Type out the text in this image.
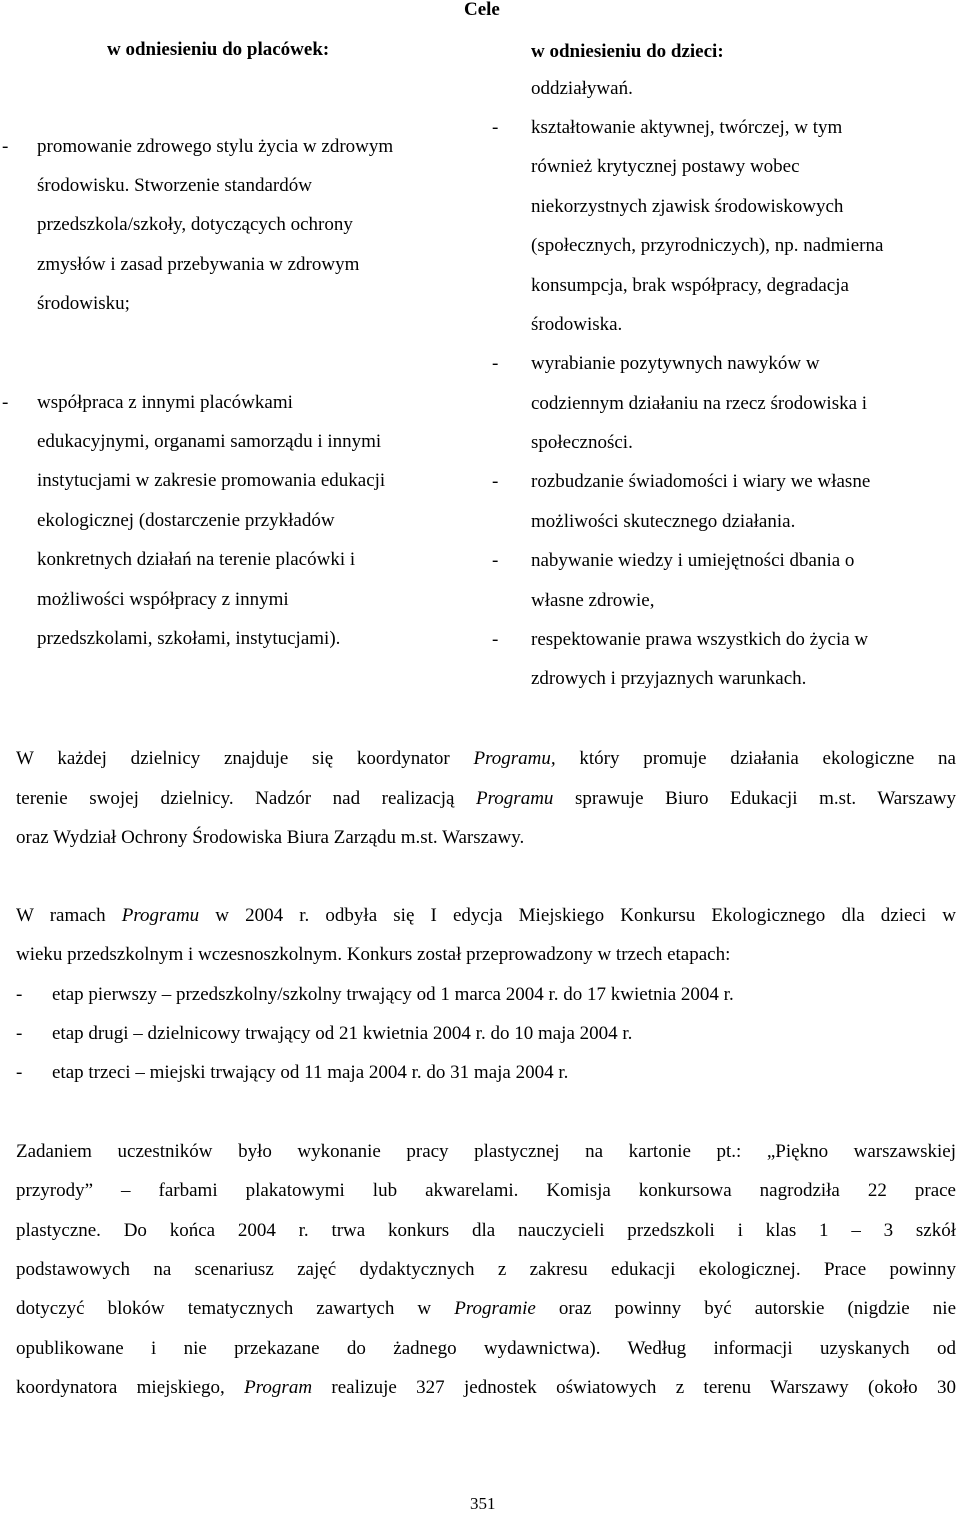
Cele
w odniesieniu do placówek:	w odniesieniu do dzieci:
- promowanie zdrowego stylu życia w zdrowym
środowisku. Stworzenie standardów
przedszkola/szkoły, dotyczących ochrony
zmysłów i zasad przebywania w zdrowym
środowisku;
- współpraca z innymi placówkami
edukacyjnymi, organami samorządu i innymi
instytucjami w zakresie promowania edukacji
ekologicznej (dostarczenie przykładów
konkretnych działań na terenie placówki i
możliwości współpracy z innymi
przedszkolami, szkołami, instytucjami).
oddziaływań.
- kształtowanie aktywnej, twórczej, w tym
również krytycznej postawy wobec
niekorzystnych zjawisk środowiskowych
(społecznych, przyrodniczych), np. nadmierna
konsumpcja, brak współpracy, degradacja
środowiska.
- wyrabianie pozytywnych nawyków w
codziennym działaniu na rzecz środowiska i
społeczności.
- rozbudzanie świadomości i wiary we własne
możliwości skutecznego działania.
- nabywanie wiedzy i umiejętności dbania o
własne zdrowie,
- respektowanie prawa wszystkich do życia w
zdrowych i przyjaznych warunkach.
W każdej dzielnicy znajduje się koordynator Programu, który promuje działania ekologiczne na
terenie swojej dzielnicy. Nadzór nad realizacją Programu sprawuje Biuro Edukacji m.st. Warszawy
oraz Wydział Ochrony Środowiska Biura Zarządu m.st. Warszawy.
W ramach Programu w 2004 r. odbyła się I edycja Miejskiego Konkursu Ekologicznego dla dzieci w
wieku przedszkolnym i wczesnoszkolnym. Konkurs został przeprowadzony w trzech etapach:
- etap pierwszy – przedszkolny/szkolny trwający od 1 marca 2004 r. do 17 kwietnia 2004 r.
- etap drugi – dzielnicowy trwający od 21 kwietnia 2004 r. do 10 maja 2004 r.
- etap trzeci – miejski trwający od 11 maja 2004 r. do 31 maja 2004 r.
Zadaniem uczestników było wykonanie pracy plastycznej na kartonie pt.: „Piękno warszawskiej
przyrody” – farbami plakatowymi lub akwarelami. Komisja konkursowa nagrodziła 22 prace
plastyczne. Do końca 2004 r. trwa konkurs dla nauczycieli przedszkoli i klas 1 – 3 szkół
podstawowych na scenariusz zajęć dydaktycznych z zakresu edukacji ekologicznej. Prace powinny
dotyczyć bloków tematycznych zawartych w Programie oraz powinny być autorskie (nigdzie nie
opublikowane i nie przekazane do żadnego wydawnictwa). Według informacji uzyskanych od
koordynatora miejskiego, Program realizuje 327 jednostek oświatowych z terenu Warszawy (około 30
351
